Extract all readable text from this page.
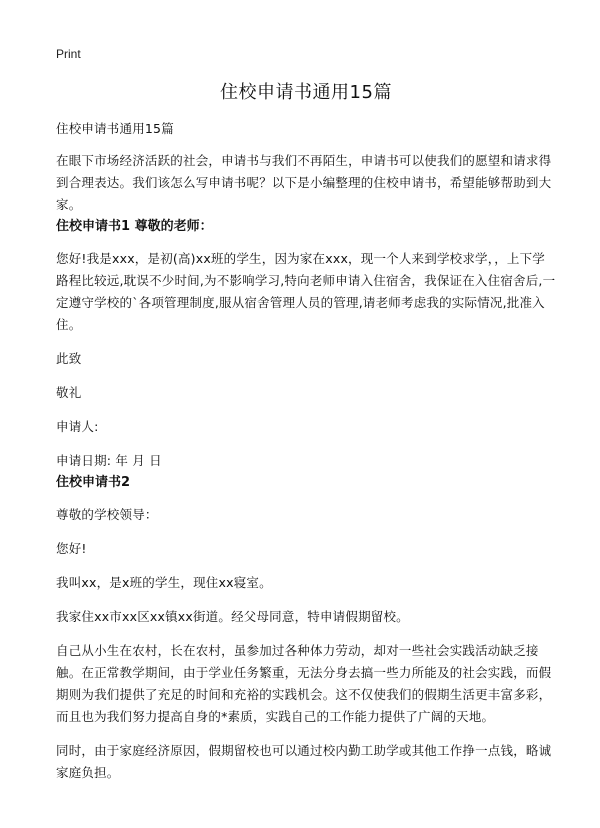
Print
住校申请书通用15篇

住校申请书通用15篇

在眼下市场经济活跃的社会，申请书与我们不再陌生，申请书可以使我们的愿望和请求得到合理表达。我们该怎么写申请书呢？以下是小编整理的住校申请书，希望能够帮助到大家。

住校申请书1 尊敬的老师：

您好!我是xxx，是初(高)xx班的学生，因为家在xxx，现一个人来到学校求学，，上下学路程比较远,耽误不少时间,为不影响学习,特向老师申请入住宿舍，我保证在入住宿舍后,一定遵守学校的`各项管理制度,服从宿舍管理人员的管理,请老师考虑我的实际情况,批准入住。

此致

敬礼

申请人:

申请日期: 年 月 日

住校申请书2

尊敬的学校领导：

您好!

我叫xx，是x班的学生，现住xx寝室。

我家住xx市xx区xx镇xx街道。经父母同意，特申请假期留校。

自己从小生在农村，长在农村，虽参加过各种体力劳动，却对一些社会实践活动缺乏接触。在正常教学期间，由于学业任务繁重，无法分身去搞一些力所能及的社会实践，而假期则为我们提供了充足的时间和充裕的实践机会。这不仅使我们的假期生活更丰富多彩，而且也为我们努力提高自身的*素质，实践自己的工作能力提供了广阔的天地。

同时，由于家庭经济原因，假期留校也可以通过校内勤工助学或其他工作挣一点钱，略诚家庭负担。
